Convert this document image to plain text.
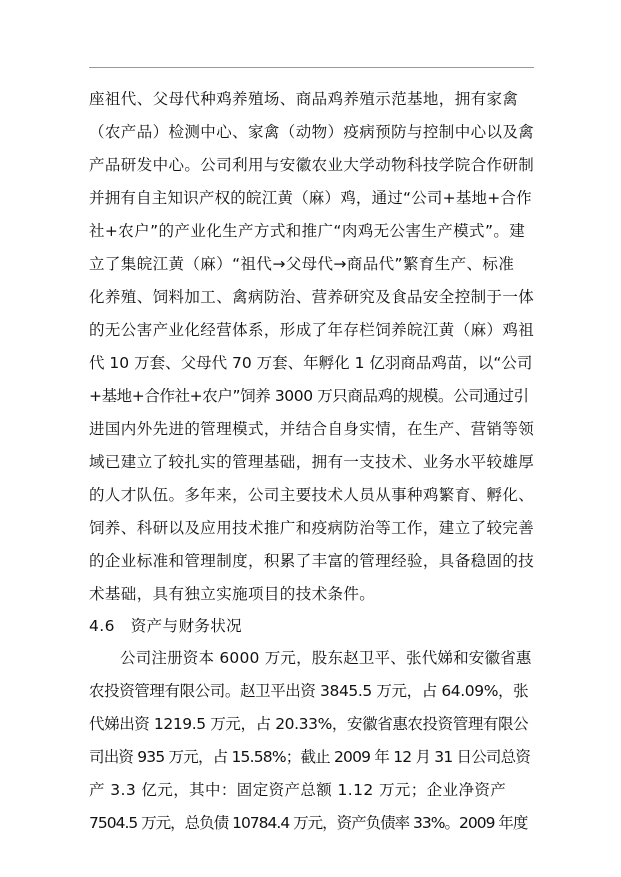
座祖代、父母代种鸡养殖场、商品鸡养殖示范基地，拥有家禽
（农产品）检测中心、家禽（动物）疫病预防与控制中心以及禽
产品研发中心。公司利用与安徽农业大学动物科技学院合作研制
并拥有自主知识产权的皖江黄（麻）鸡，通过“公司+基地+合作
社+农户”的产业化生产方式和推广“肉鸡无公害生产模式”。建
立了集皖江黄（麻）“祖代→父母代→商品代”繁育生产、标准
化养殖、饲料加工、禽病防治、营养研究及食品安全控制于一体
的无公害产业化经营体系，形成了年存栏饲养皖江黄（麻）鸡祖
代 10 万套、父母代 70 万套、年孵化 1 亿羽商品鸡苗，以“公司
+基地+合作社+农户”饲养 3000 万只商品鸡的规模。公司通过引
进国内外先进的管理模式，并结合自身实情，在生产、营销等领
域已建立了较扎实的管理基础，拥有一支技术、业务水平较雄厚
的人才队伍。多年来，公司主要技术人员从事种鸡繁育、孵化、
饲养、科研以及应用技术推广和疫病防治等工作，建立了较完善
的企业标准和管理制度，积累了丰富的管理经验，具备稳固的技
术基础，具有独立实施项目的技术条件。
4.6　资产与财务状况
公司注册资本 6000 万元，股东赵卫平、张代娣和安徽省惠
农投资管理有限公司。赵卫平出资 3845.5 万元，占 64.09%，张
代娣出资 1219.5 万元，占 20.33%，安徽省惠农投资管理有限公
司出资 935 万元，占 15.58%；截止 2009 年 12 月 31 日公司总资
产 3.3 亿元，其中：固定资产总额 1.12 万元；企业净资产
7504.5 万元，总负债 10784.4 万元，资产负债率 33%。2009 年度
